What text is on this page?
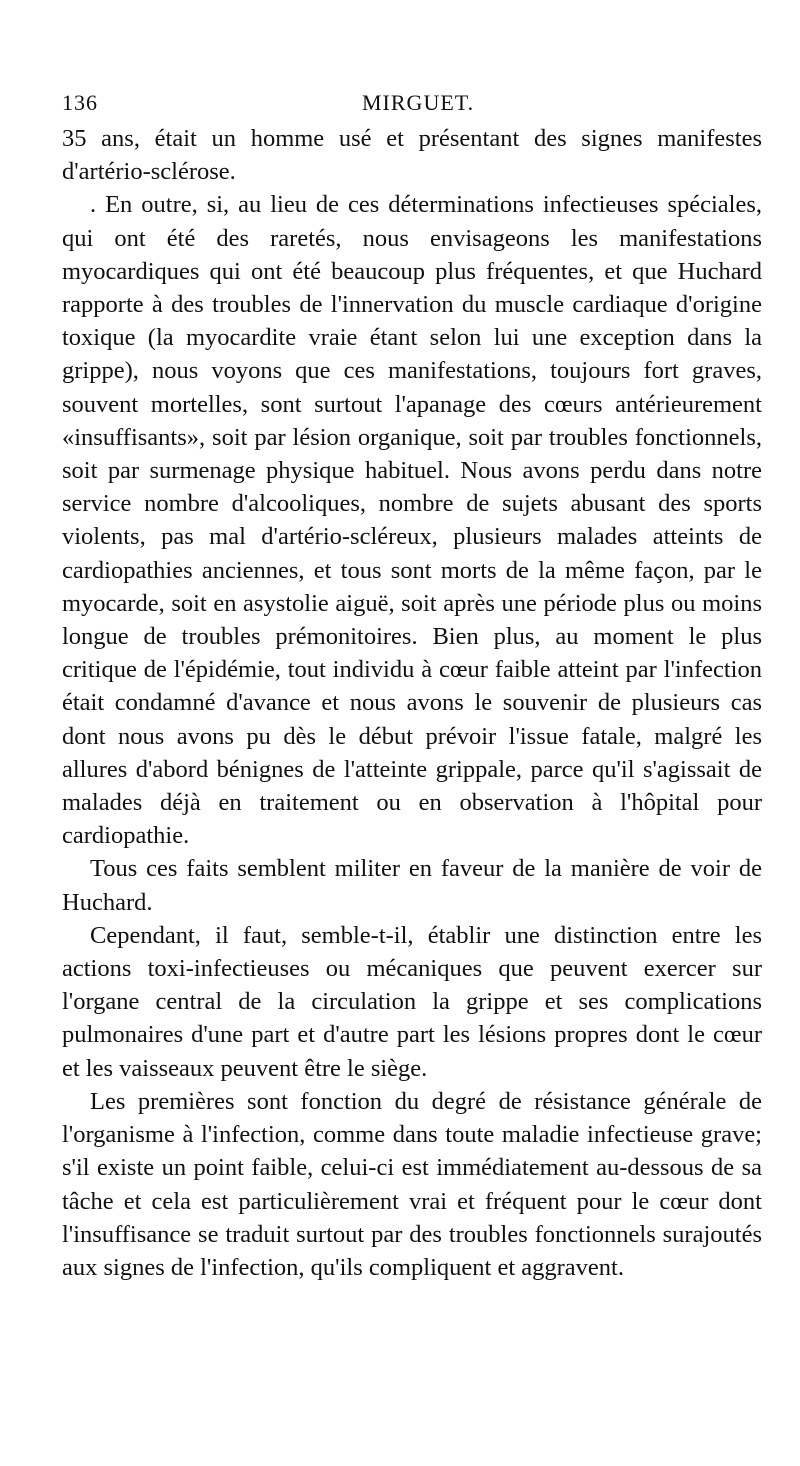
136	MIRGUET.

35 ans, était un homme usé et présentant des signes manifestes d'artério-sclérose.

. En outre, si, au lieu de ces déterminations infectieuses spéciales, qui ont été des raretés, nous envisageons les manifestations myocardiques qui ont été beaucoup plus fréquentes, et que Huchard rapporte à des troubles de l'innervation du muscle cardiaque d'origine toxique (la myocardite vraie étant selon lui une exception dans la grippe), nous voyons que ces manifestations, toujours fort graves, souvent mortelles, sont surtout l'apanage des cœurs antérieurement «insuffisants», soit par lésion organique, soit par troubles fonctionnels, soit par surmenage physique habituel. Nous avons perdu dans notre service nombre d'alcooliques, nombre de sujets abusant des sports violents, pas mal d'artério-scléreux, plusieurs malades atteints de cardiopathies anciennes, et tous sont morts de la même façon, par le myocarde, soit en asystolie aiguë, soit après une période plus ou moins longue de troubles prémonitoires. Bien plus, au moment le plus critique de l'épidémie, tout individu à cœur faible atteint par l'infection était condamné d'avance et nous avons le souvenir de plusieurs cas dont nous avons pu dès le début prévoir l'issue fatale, malgré les allures d'abord bénignes de l'atteinte grippale, parce qu'il s'agissait de malades déjà en traitement ou en observation à l'hôpital pour cardiopathie.

Tous ces faits semblent militer en faveur de la manière de voir de Huchard.

Cependant, il faut, semble-t-il, établir une distinction entre les actions toxi-infectieuses ou mécaniques que peuvent exercer sur l'organe central de la circulation la grippe et ses complications pulmonaires d'une part et d'autre part les lésions propres dont le cœur et les vaisseaux peuvent être le siège.

Les premières sont fonction du degré de résistance générale de l'organisme à l'infection, comme dans toute maladie infectieuse grave; s'il existe un point faible, celui-ci est immédiatement au-dessous de sa tâche et cela est particulièrement vrai et fréquent pour le cœur dont l'insuffisance se traduit surtout par des troubles fonctionnels surajoutés aux signes de l'infection, qu'ils compliquent et aggravent.
